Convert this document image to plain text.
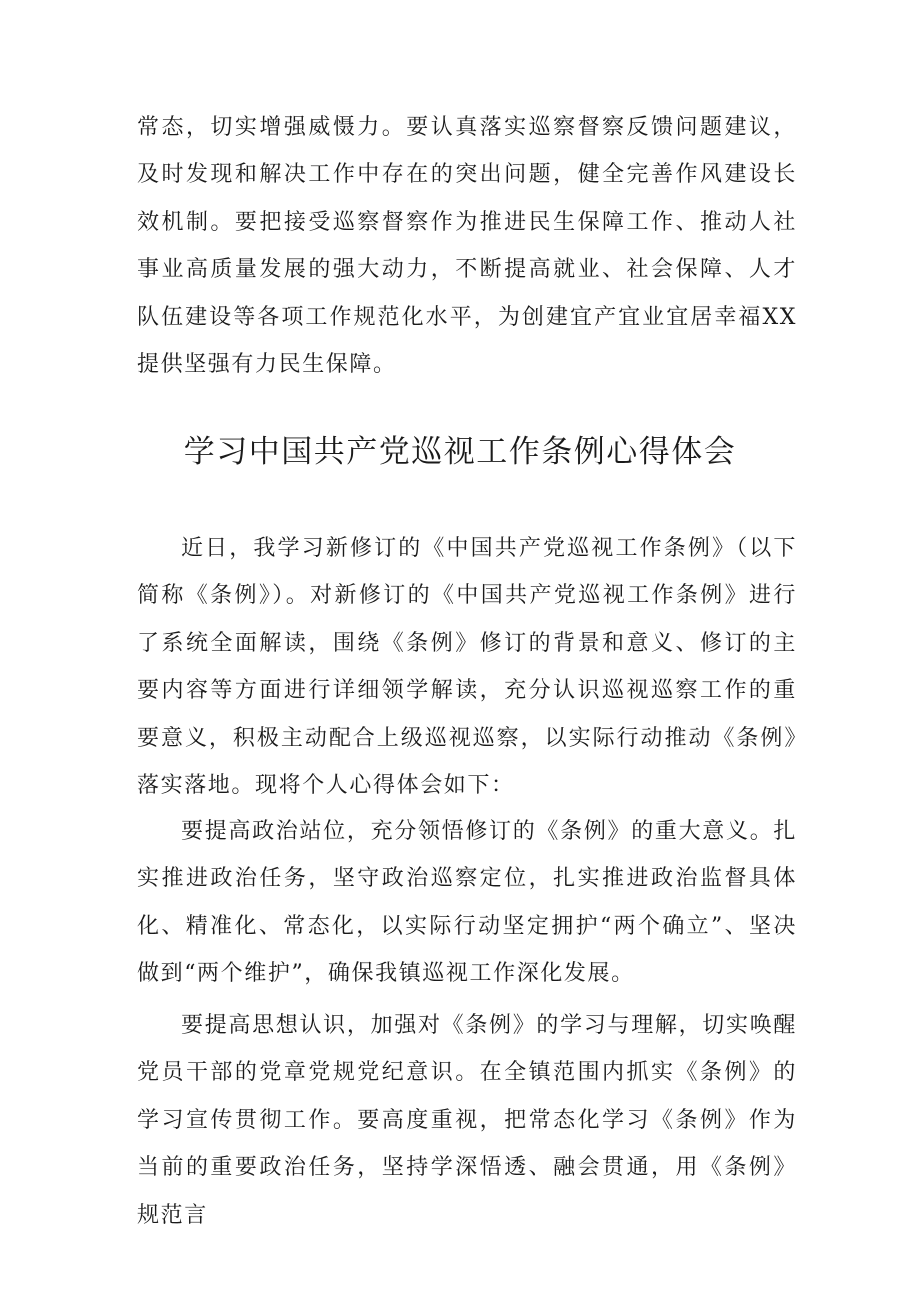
常态，切实增强威慑力。要认真落实巡察督察反馈问题建议，及时发现和解决工作中存在的突出问题，健全完善作风建设长效机制。要把接受巡察督察作为推进民生保障工作、推动人社事业高质量发展的强大动力，不断提高就业、社会保障、人才队伍建设等各项工作规范化水平，为创建宜产宜业宜居幸福XX提供坚强有力民生保障。

学习中国共产党巡视工作条例心得体会

近日，我学习新修订的《中国共产党巡视工作条例》（以下简称《条例》）。对新修订的《中国共产党巡视工作条例》进行了系统全面解读，围绕《条例》修订的背景和意义、修订的主要内容等方面进行详细领学解读，充分认识巡视巡察工作的重要意义，积极主动配合上级巡视巡察，以实际行动推动《条例》落实落地。现将个人心得体会如下：

要提高政治站位，充分领悟修订的《条例》的重大意义。扎实推进政治任务，坚守政治巡察定位，扎实推进政治监督具体化、精准化、常态化，以实际行动坚定拥护“两个确立”、坚决做到“两个维护”，确保我镇巡视工作深化发展。

要提高思想认识，加强对《条例》的学习与理解，切实唤醒党员干部的党章党规党纪意识。在全镇范围内抓实《条例》的学习宣传贯彻工作。要高度重视，把常态化学习《条例》作为当前的重要政治任务，坚持学深悟透、融会贯通，用《条例》规范言
